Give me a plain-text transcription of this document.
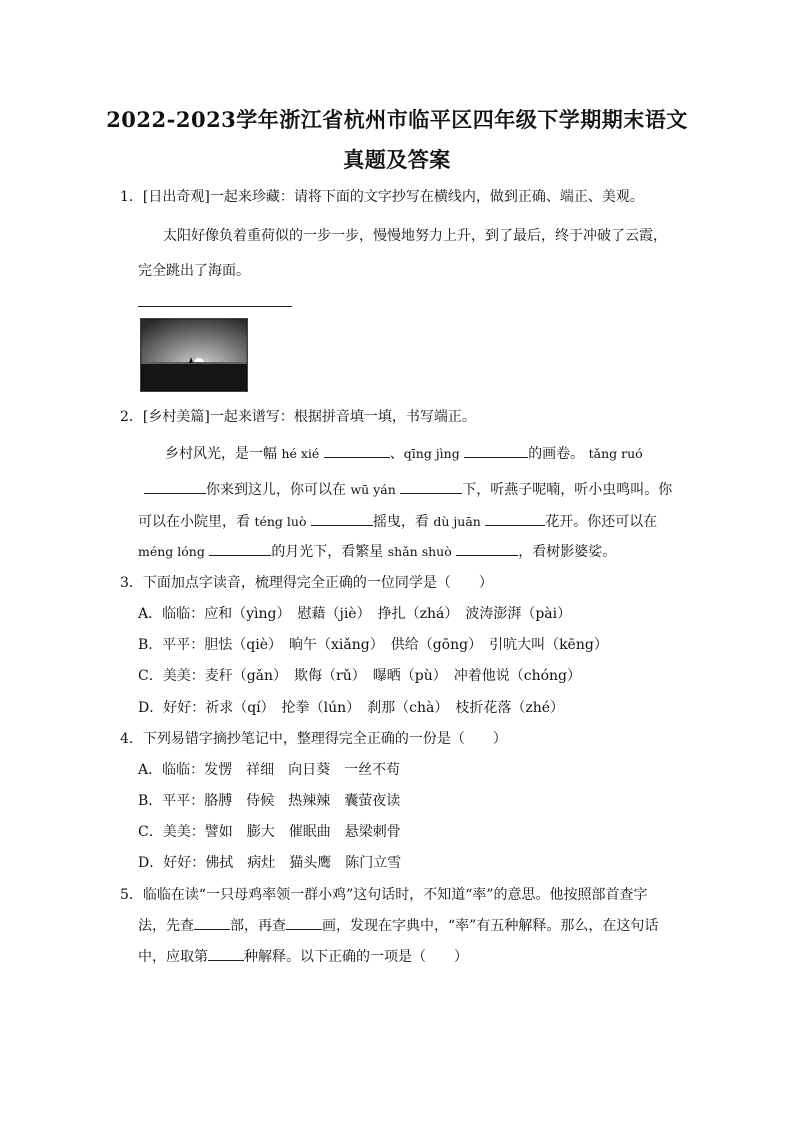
2022-2023学年浙江省杭州市临平区四年级下学期期末语文
真题及答案
1．[日出奇观]一起来珍藏：请将下面的文字抄写在横线内，做到正确、端正、美观。
太阳好像负着重荷似的一步一步，慢慢地努力上升，到了最后，终于冲破了云霞，
完全跳出了海面。
2．[乡村美篇]一起来谱写：根据拼音填一填，书写端正。
乡村风光，是一幅 hé xié	、qīng jìng	的画卷。 tǎng ruó
你来到这儿，你可以在 wū yán	下，听燕子呢喃，听小虫鸣叫。你
可以在小院里，看 téng luò	摇曳，看 dù juān	花开。你还可以在
méng lóng	的月光下，看繁星 shǎn shuò	，看树影婆娑。
3．下面加点字读音，梳理得完全正确的一位同学是（　　）
A．临临：应和（yìng）　慰藉（jiè）　挣扎（zhá）　波涛澎湃（pài）
B．平平：胆怯（qiè）　晌午（xiǎng）　供给（gōng）　引吭大叫（kēng）
C．美美：麦秆（gǎn）　欺侮（rǔ）　曝晒（pù）　冲着他说（chóng）
D．好好：祈求（qí）　抡拳（lún）　刹那（chà）　枝折花落（zhé）
4．下列易错字摘抄笔记中，整理得完全正确的一份是（　　）
A．临临：发愣　祥细　向日葵　一丝不苟
B．平平：胳膊　侍候　热辣辣　囊萤夜读
C．美美：譬如　膨大　催眠曲　悬梁刺骨
D．好好：佛拭　病灶　猫头鹰　陈门立雪
5．临临在读“一只母鸡率领一群小鸡”这句话时，不知道“率”的意思。他按照部首查字
法，先查	部，再查	画，发现在字典中，“率”有五种解释。那么，在这句话
中，应取第	种解释。以下正确的一项是（　　）
